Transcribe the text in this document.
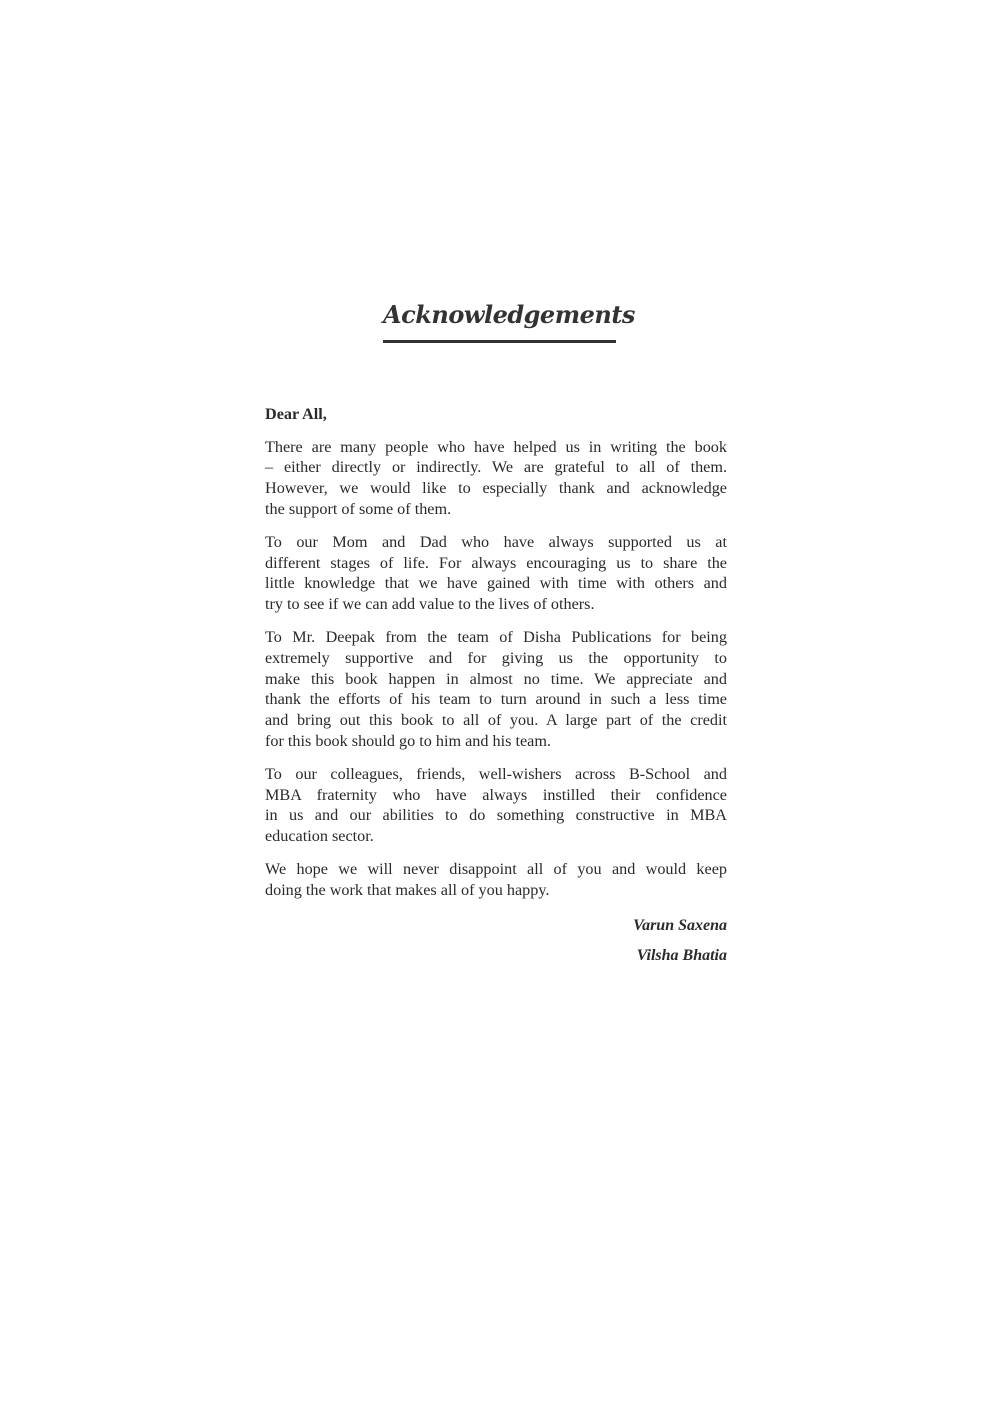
Acknowledgements
Dear All,
There are many people who have helped us in writing the book
– either directly or indirectly. We are grateful to all of them.
However, we would like to especially thank and acknowledge
the support of some of them.
To our Mom and Dad who have always supported us at
different stages of life. For always encouraging us to share the
little knowledge that we have gained with time with others and
try to see if we can add value to the lives of others.
To Mr. Deepak from the team of Disha Publications for being
extremely supportive and for giving us the opportunity to
make this book happen in almost no time. We appreciate and
thank the efforts of his team to turn around in such a less time
and bring out this book to all of you. A large part of the credit
for this book should go to him and his team.
To our colleagues, friends, well-wishers across B-School and
MBA fraternity who have always instilled their confidence
in us and our abilities to do something constructive in MBA
education sector.
We hope we will never disappoint all of you and would keep
doing the work that makes all of you happy.
Varun Saxena
Vilsha Bhatia
